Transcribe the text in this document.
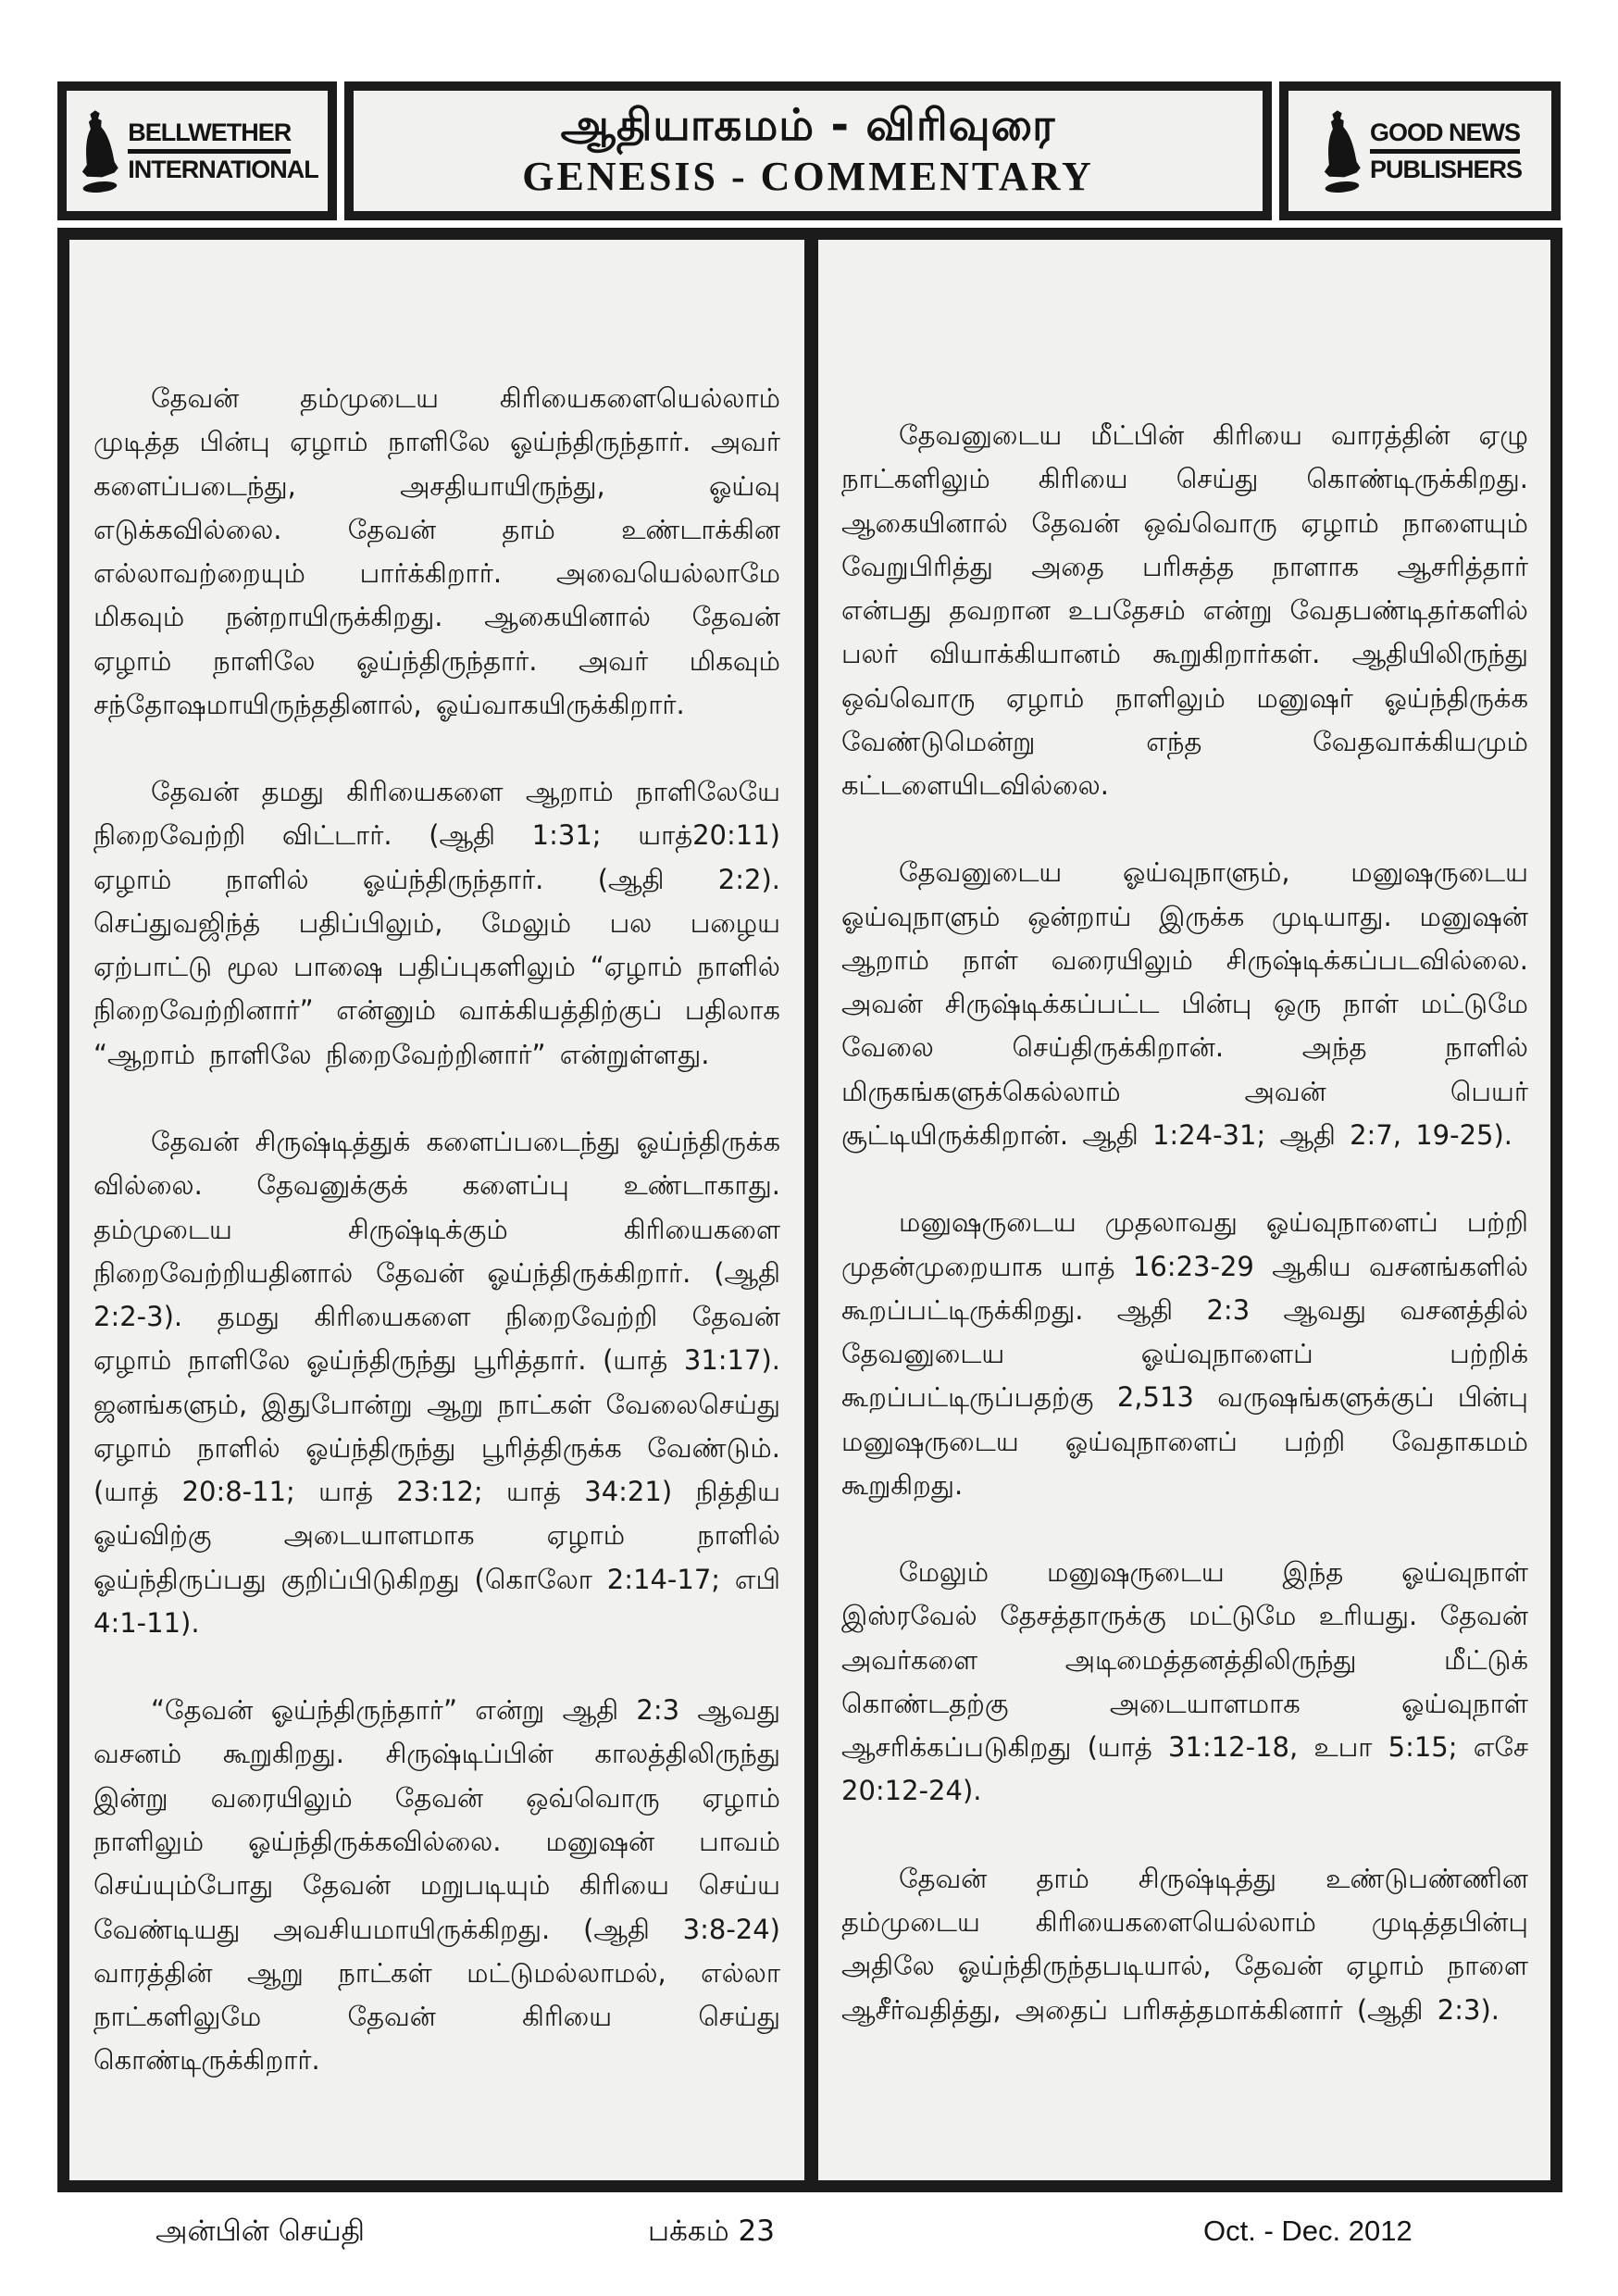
BELLWETHER
INTERNATIONAL
ஆதியாகமம் - விரிவுரை
GENESIS - COMMENTARY
GOOD NEWS
PUBLISHERS

தேவன் தம்முடைய கிரியைகளையெல்லாம் முடித்த பின்பு ஏழாம் நாளிலே ஓய்ந்திருந்தார். அவர் களைப்படைந்து, அசதியாயிருந்து, ஓய்வு எடுக்கவில்லை. தேவன் தாம் உண்டாக்கின எல்லாவற்றையும் பார்க்கிறார். அவையெல்லாமே மிகவும் நன்றாயிருக்கிறது. ஆகையினால் தேவன் ஏழாம் நாளிலே ஓய்ந்திருந்தார். அவர் மிகவும் சந்தோஷமாயிருந்ததினால், ஓய்வாகயிருக்கிறார்.

தேவன் தமது கிரியைகளை ஆறாம் நாளிலேயே நிறைவேற்றி விட்டார். (ஆதி 1:31; யாத்20:11) ஏழாம் நாளில் ஓய்ந்திருந்தார். (ஆதி 2:2). செப்துவஜிந்த் பதிப்பிலும், மேலும் பல பழைய ஏற்பாட்டு மூல பாஷை பதிப்புகளிலும் “ஏழாம் நாளில் நிறைவேற்றினார்” என்னும் வாக்கியத்திற்குப் பதிலாக “ஆறாம் நாளிலே நிறைவேற்றினார்” என்றுள்ளது.

தேவன் சிருஷ்டித்துக் களைப்படைந்து ஓய்ந்திருக்க வில்லை. தேவனுக்குக் களைப்பு உண்டாகாது. தம்முடைய சிருஷ்டிக்கும் கிரியைகளை நிறைவேற்றியதினால் தேவன் ஓய்ந்திருக்கிறார். (ஆதி 2:2-3). தமது கிரியைகளை நிறைவேற்றி தேவன் ஏழாம் நாளிலே ஓய்ந்திருந்து பூரித்தார். (யாத் 31:17). ஜனங்களும், இதுபோன்று ஆறு நாட்கள் வேலைசெய்து ஏழாம் நாளில் ஓய்ந்திருந்து பூரித்திருக்க வேண்டும். (யாத் 20:8-11; யாத் 23:12; யாத் 34:21) நித்திய ஓய்விற்கு அடையாளமாக ஏழாம் நாளில் ஓய்ந்திருப்பது குறிப்பிடுகிறது (கொலோ 2:14-17; எபி 4:1-11).

“தேவன் ஓய்ந்திருந்தார்” என்று ஆதி 2:3 ஆவது வசனம் கூறுகிறது. சிருஷ்டிப்பின் காலத்திலிருந்து இன்று வரையிலும் தேவன் ஒவ்வொரு ஏழாம் நாளிலும் ஓய்ந்திருக்கவில்லை. மனுஷன் பாவம் செய்யும்போது தேவன் மறுபடியும் கிரியை செய்ய வேண்டியது அவசியமாயிருக்கிறது. (ஆதி 3:8-24) வாரத்தின் ஆறு நாட்கள் மட்டுமல்லாமல், எல்லா நாட்களிலுமே தேவன் கிரியை செய்து கொண்டிருக்கிறார்.

தேவனுடைய மீட்பின் கிரியை வாரத்தின் ஏழு நாட்களிலும் கிரியை செய்து கொண்டிருக்கிறது. ஆகையினால் தேவன் ஒவ்வொரு ஏழாம் நாளையும் வேறுபிரித்து அதை பரிசுத்த நாளாக ஆசரித்தார் என்பது தவறான உபதேசம் என்று வேதபண்டிதர்களில் பலர் வியாக்கியானம் கூறுகிறார்கள். ஆதியிலிருந்து ஒவ்வொரு ஏழாம் நாளிலும் மனுஷர் ஓய்ந்திருக்க வேண்டுமென்று எந்த வேதவாக்கியமும் கட்டளையிடவில்லை.

தேவனுடைய ஓய்வுநாளும், மனுஷருடைய ஓய்வுநாளும் ஒன்றாய் இருக்க முடியாது. மனுஷன் ஆறாம் நாள் வரையிலும் சிருஷ்டிக்கப்படவில்லை. அவன் சிருஷ்டிக்கப்பட்ட பின்பு ஒரு நாள் மட்டுமே வேலை செய்திருக்கிறான். அந்த நாளில் மிருகங்களுக்கெல்லாம் அவன் பெயர் சூட்டியிருக்கிறான். ஆதி 1:24-31; ஆதி 2:7, 19-25).

மனுஷருடைய முதலாவது ஓய்வுநாளைப் பற்றி முதன்முறையாக யாத் 16:23-29 ஆகிய வசனங்களில் கூறப்பட்டிருக்கிறது. ஆதி 2:3 ஆவது வசனத்தில் தேவனுடைய ஓய்வுநாளைப் பற்றிக் கூறப்பட்டிருப்பதற்கு 2,513 வருஷங்களுக்குப் பின்பு மனுஷருடைய ஓய்வுநாளைப் பற்றி வேதாகமம் கூறுகிறது.

மேலும் மனுஷருடைய இந்த ஓய்வுநாள் இஸ்ரவேல் தேசத்தாருக்கு மட்டுமே உரியது. தேவன் அவர்களை அடிமைத்தனத்திலிருந்து மீட்டுக் கொண்டதற்கு அடையாளமாக ஓய்வுநாள் ஆசரிக்கப்படுகிறது (யாத் 31:12-18, உபா 5:15; எசே 20:12-24).

தேவன் தாம் சிருஷ்டித்து உண்டுபண்ணின தம்முடைய கிரியைகளையெல்லாம் முடித்தபின்பு அதிலே ஓய்ந்திருந்தபடியால், தேவன் ஏழாம் நாளை ஆசீர்வதித்து, அதைப் பரிசுத்தமாக்கினார் (ஆதி 2:3).

அன்பின் செய்தி	பக்கம் 23	Oct. - Dec. 2012
